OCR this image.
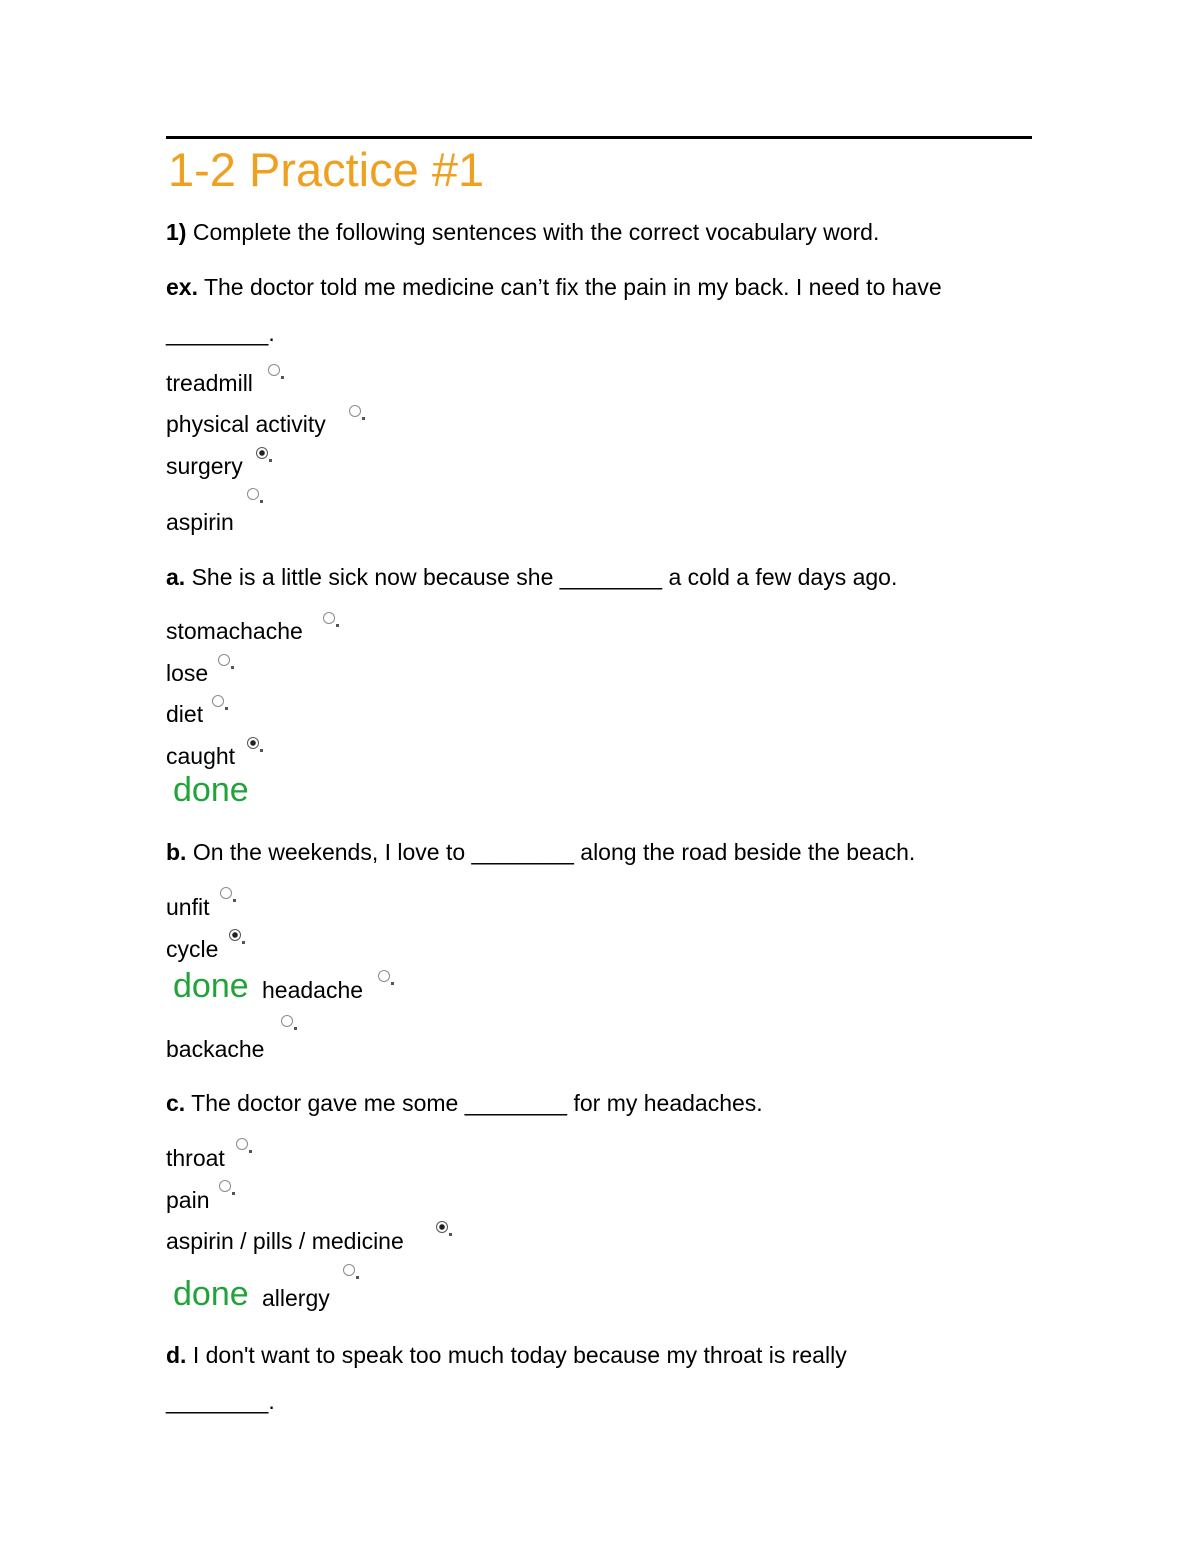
1-2 Practice #1
1) Complete the following sentences with the correct vocabulary word.
ex. The doctor told me medicine can’t fix the pain in my back. I need to have
________.
treadmill
physical activity
surgery
aspirin
a. She is a little sick now because she ________ a cold a few days ago.
stomachache
lose
diet
caught
done
b. On the weekends, I love to ________ along the road beside the beach.
unfit
cycle
done headache
backache
c. The doctor gave me some ________ for my headaches.
throat
pain
aspirin / pills / medicine
done allergy
d. I don't want to speak too much today because my throat is really
________.
